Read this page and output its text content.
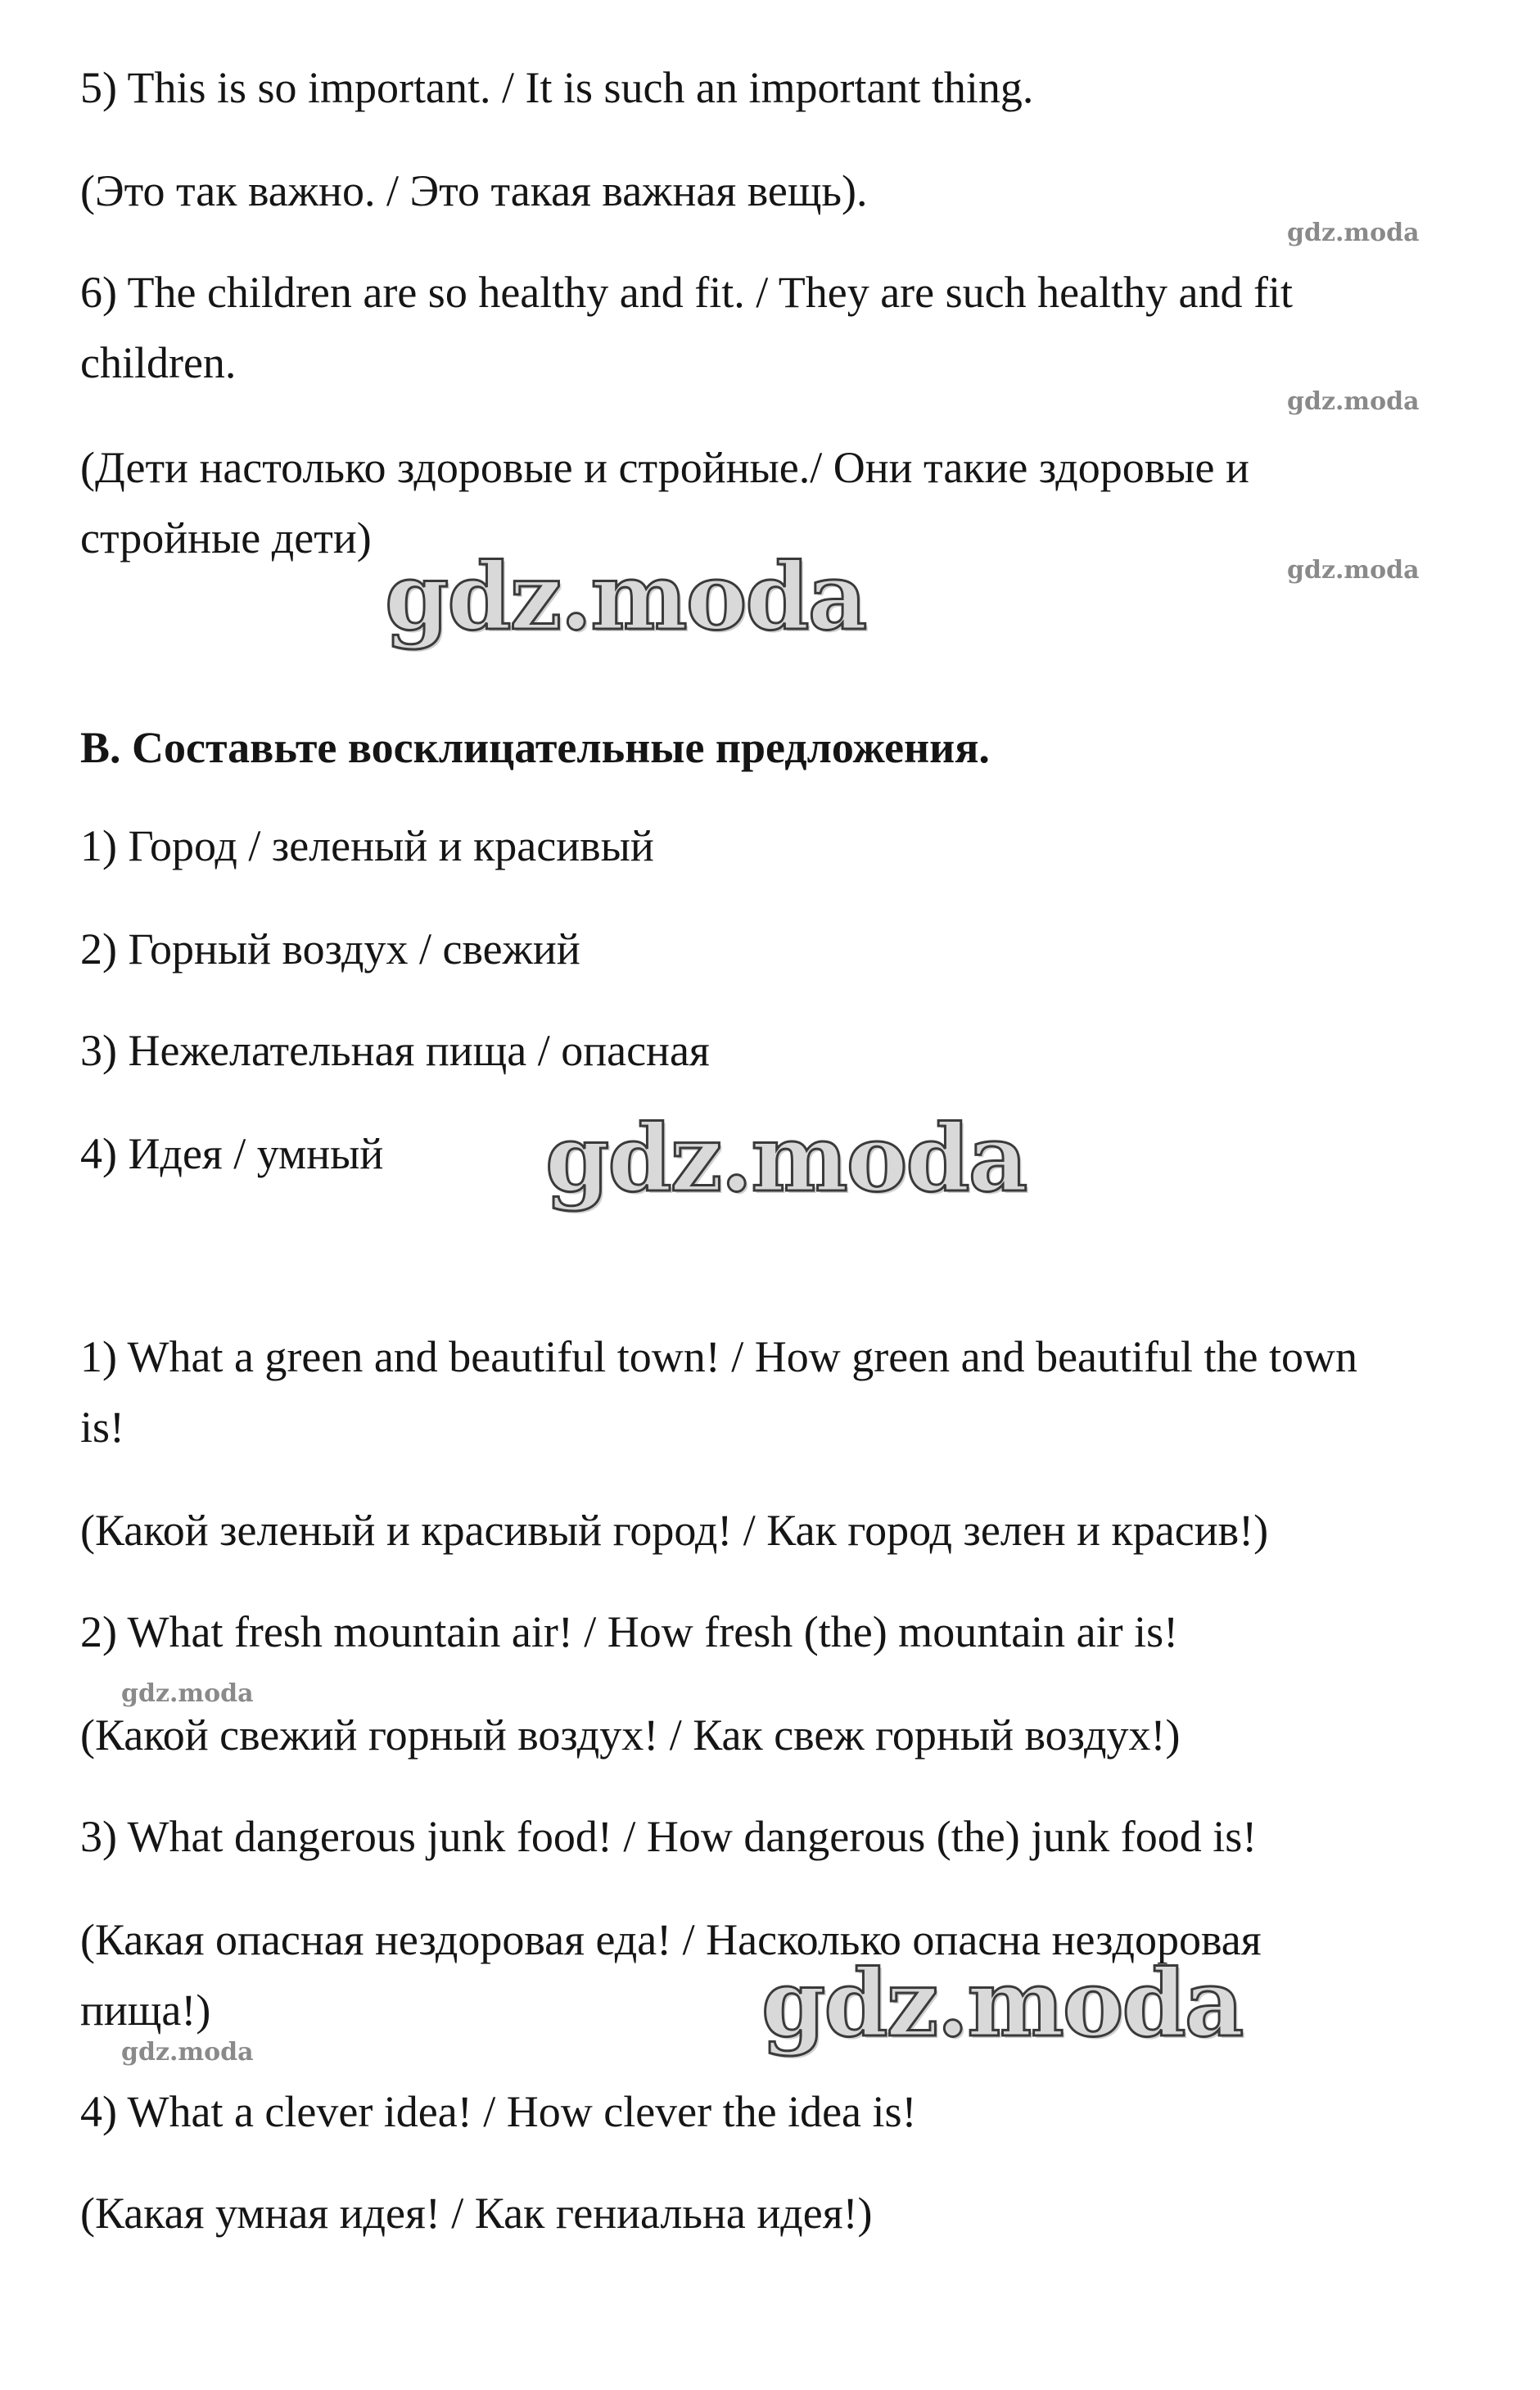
5) This is so important. / It is such an important thing.
(Это так важно. / Это такая важная вещь).
gdz.moda
6) The children are so healthy and fit. / They are such healthy and fit
children.
gdz.moda
(Дети настолько здоровые и стройные./ Они такие здоровые и
стройные дети)
gdz.moda
gdz.moda
B. Составьте восклицательные предложения.
1) Город / зеленый и красивый
2) Горный воздух / свежий
3) Нежелательная пища / опасная
4) Идея / умный gdz.moda
1) What a green and beautiful town! / How green and beautiful the town
is!
(Какой зеленый и красивый город! / Как город зелен и красив!)
2) What fresh mountain air! / How fresh (the) mountain air is!
gdz.moda
(Какой свежий горный воздух! / Как свеж горный воздух!)
3) What dangerous junk food! / How dangerous (the) junk food is!
(Какая опасная нездоровая еда! / Насколько опасна нездоровая
пища!)	gdz.moda
gdz.moda
4) What a clever idea! / How clever the idea is!
(Какая умная идея! / Как гениальна идея!)
